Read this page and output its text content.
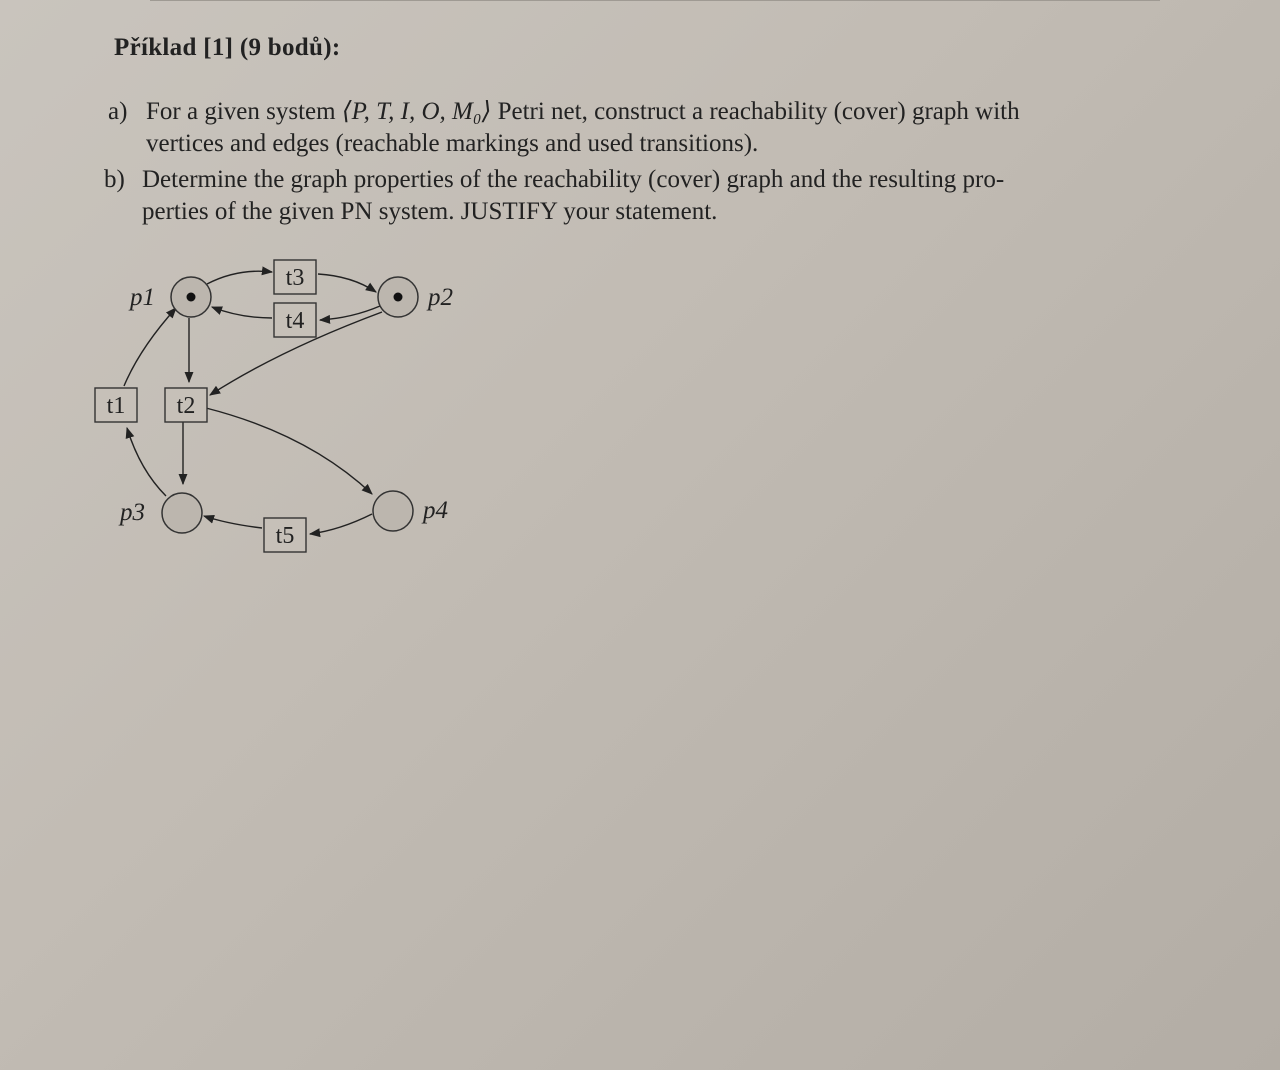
Příklad [1] (9 bodů):
a) For a given system ⟨P, T, I, O, M₀⟩ Petri net, construct a reachability (cover) graph with
vertices and edges (reachable markings and used transitions).
b) Determine the graph properties of the reachability (cover) graph and the resulting pro-
perties of the given PN system. JUSTIFY your statement.
p1	p2
p3	p4
t3
t4
t1 t2
t5
